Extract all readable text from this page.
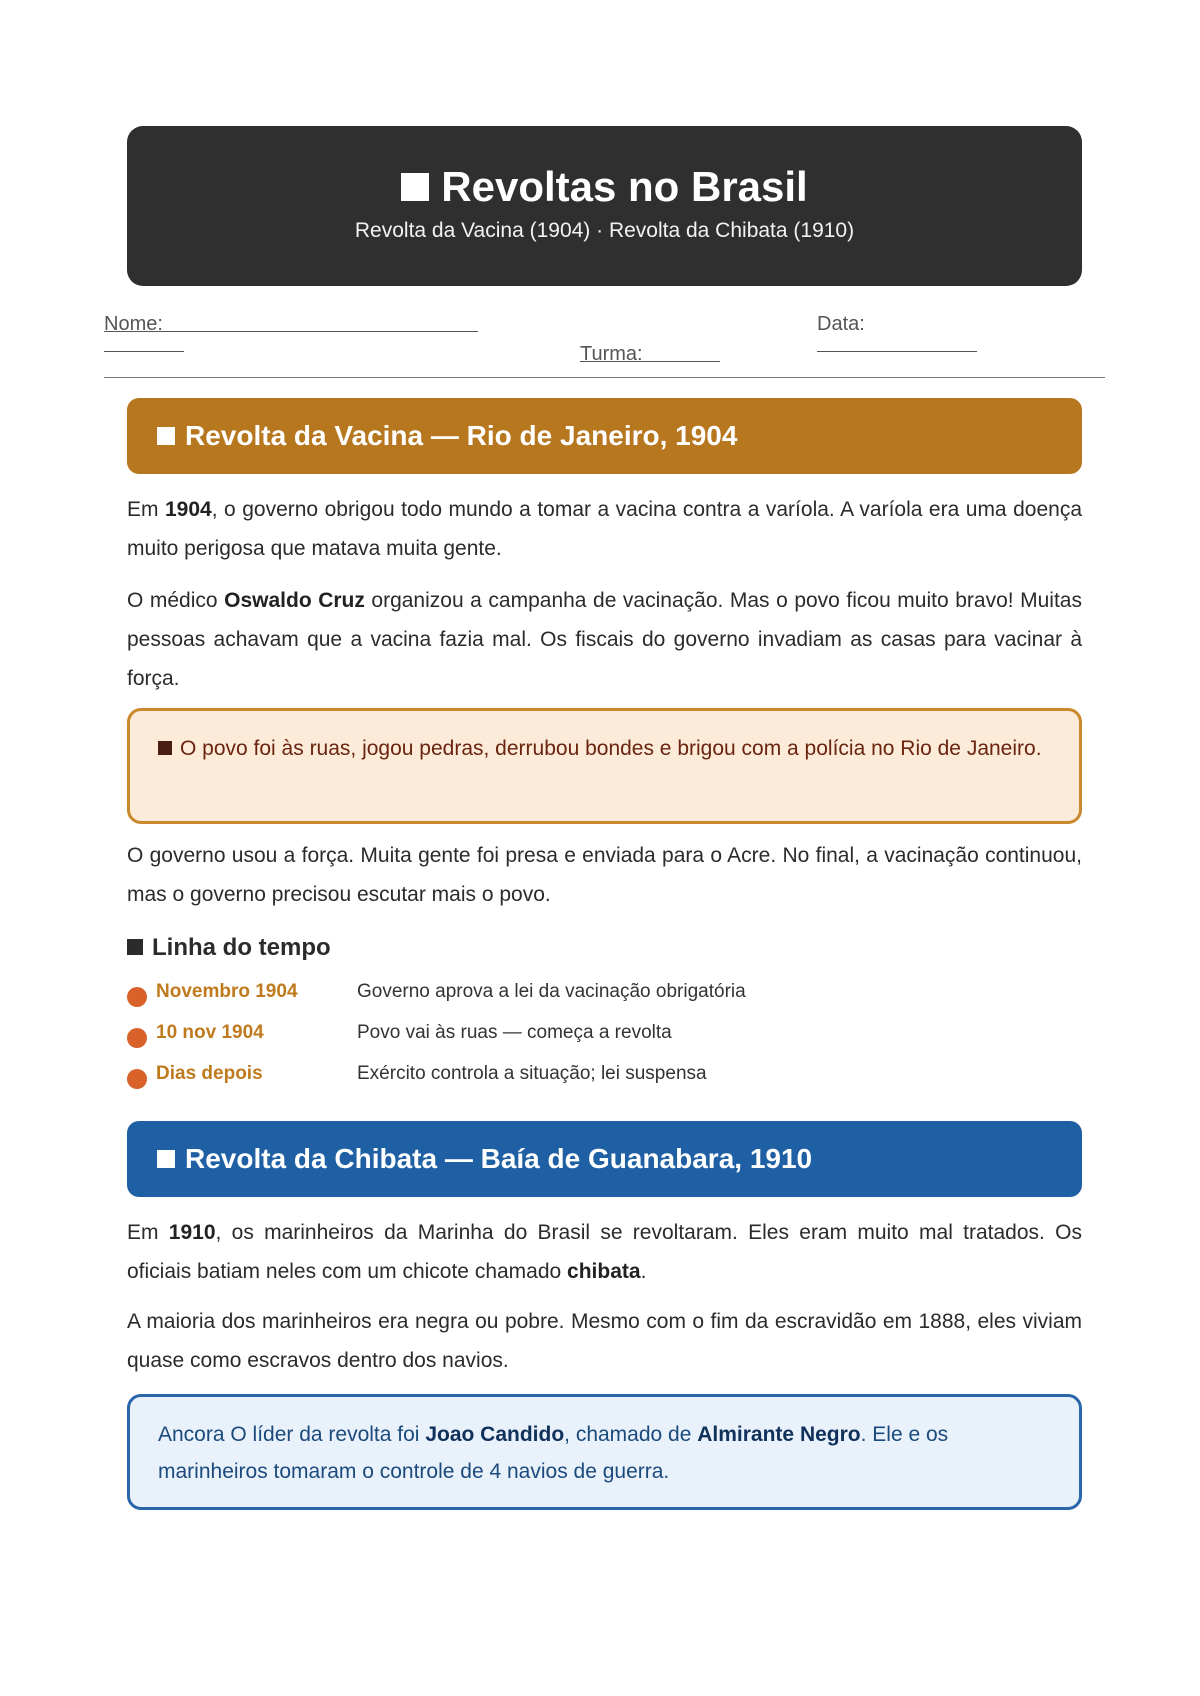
Revoltas no Brasil
Revolta da Vacina (1904) · Revolta da Chibata (1910)
Nome:	Data:
Turma:
Revolta da Vacina — Rio de Janeiro, 1904

Em 1904, o governo obrigou todo mundo a tomar a vacina contra a varíola. A varíola era uma doença muito perigosa que matava muita gente.

O médico Oswaldo Cruz organizou a campanha de vacinação. Mas o povo ficou muito bravo! Muitas pessoas achavam que a vacina fazia mal. Os fiscais do governo invadiam as casas para vacinar à força.

O povo foi às ruas, jogou pedras, derrubou bondes e brigou com a polícia no Rio de Janeiro.

O governo usou a força. Muita gente foi presa e enviada para o Acre. No final, a vacinação continuou, mas o governo precisou escutar mais o povo.

Linha do tempo
Novembro 1904	Governo aprova a lei da vacinação obrigatória
10 nov 1904	Povo vai às ruas — começa a revolta
Dias depois	Exército controla a situação; lei suspensa
Revolta da Chibata — Baía de Guanabara, 1910

Em 1910, os marinheiros da Marinha do Brasil se revoltaram. Eles eram muito mal tratados. Os oficiais batiam neles com um chicote chamado chibata.

A maioria dos marinheiros era negra ou pobre. Mesmo com o fim da escravidão em 1888, eles viviam quase como escravos dentro dos navios.

Ancora O líder da revolta foi Joao Candido, chamado de Almirante Negro. Ele e os marinheiros tomaram o controle de 4 navios de guerra.
